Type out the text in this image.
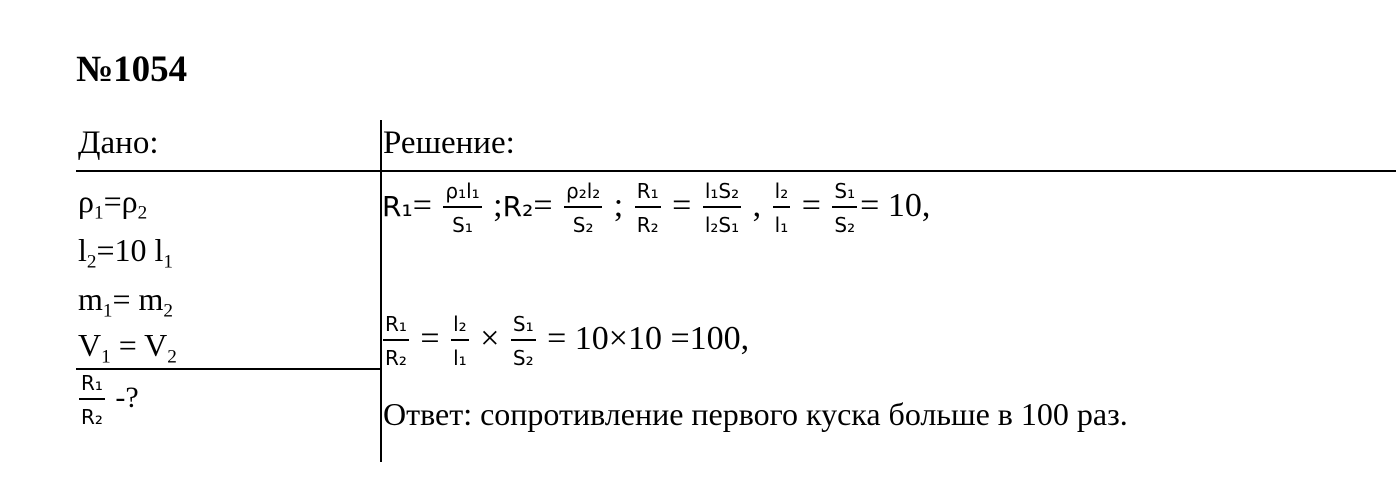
№1054
Дано:	Решение:
$\rho_1=\rho_2$
$l_2=10$ $l_1$
$m_1= m_2$
$V_1 = V_2$
$\frac{\text{R₁}}{\text{R₂}}$ -?
$R_1= \frac{\text{ρ₁l₁}}{\text{S₁}}$ ;R₂= $\frac{\text{ρ₂l₂}}{\text{S₂}}$ ; $\frac{\text{R₁}}{\text{R₂}} = \frac{\text{l₁S₂}}{\text{l₂S₁}}$ , $\frac{\text{l₂}}{\text{l₁}} = \frac{\text{S₁}}{\text{S₂}} = 10$,
$\frac{\text{R₁}}{\text{R₂}} = \frac{\text{l₂}}{\text{l₁}} \times \frac{\text{S₁}}{\text{S₂}} = 10\times 10 =100$,
Ответ: сопротивление первого куска больше в 100 раз.
